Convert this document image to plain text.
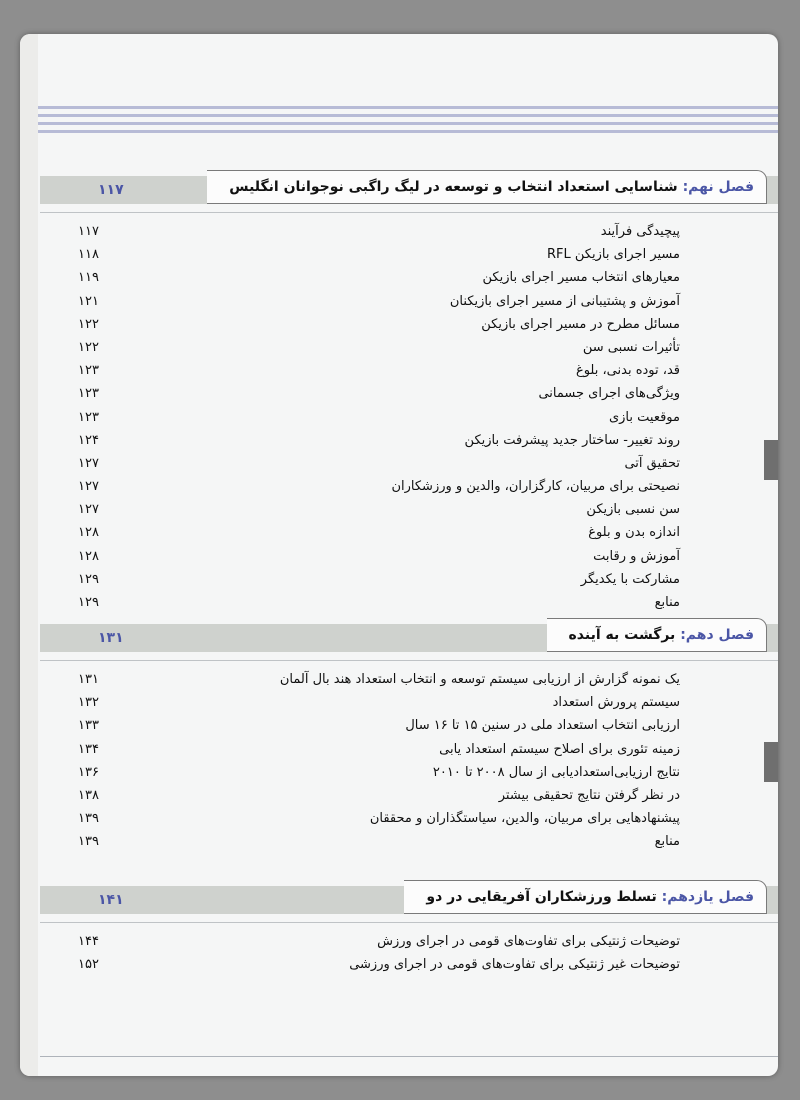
فصل نهم:

شناسایی استعداد انتخاب و توسعه در لیگ راگبی نوجوانان انگلیس
۱۱۷
پیچیدگی فرآیند
۱۱۷
مسیر اجرای بازیکن RFL
۱۱۸
معیارهای انتخاب مسیر اجرای بازیکن
۱۱۹
آموزش و پشتیبانی از مسیر اجرای بازیکنان
۱۲۱
مسائل مطرح در مسیر اجرای بازیکن
۱۲۲
تأثیرات نسبی سن
۱۲۲
قد، توده بدنی، بلوغ
۱۲۳
ویژگی‌های اجرای جسمانی
۱۲۳
موقعیت بازی
۱۲۳
روند تغییر- ساختار جدید پیشرفت بازیکن
۱۲۴
تحقیق آتی
۱۲۷
نصیحتی برای مربیان، کارگزاران، والدین و ورزشکاران
۱۲۷
سن نسبی بازیکن
۱۲۷
اندازه بدن و بلوغ
۱۲۸
آموزش و رقابت
۱۲۸
مشارکت با یکدیگر
۱۲۹
منابع
۱۲۹
فصل دهم:

برگشت به آینده
۱۳۱
یک نمونه گزارش از ارزیابی سیستم توسعه و انتخاب استعداد هند بال آلمان
۱۳۱
سیستم پرورش استعداد
۱۳۲
ارزیابی انتخاب استعداد ملی در سنین ۱۵ تا ۱۶ سال
۱۳۳
زمینه تئوری برای اصلاح سیستم استعداد یابی
۱۳۴
نتایج ارزیابی‌استعدادیابی از سال ۲۰۰۸ تا ۲۰۱۰
۱۳۶
در نظر گرفتن نتایج تحقیقی بیشتر
۱۳۸
پیشنهادهایی برای مربیان، والدین، سیاستگذاران و محققان
۱۳۹
منابع
۱۳۹
فصل یازدهم:

تسلط ورزشکاران آفریقایی در دو
۱۴۱
توضیحات ژنتیکی برای تفاوت‌های قومی در اجرای ورزش
۱۴۴
توضیحات غیر ژنتیکی برای تفاوت‌های قومی در اجرای ورزشی
۱۵۲
